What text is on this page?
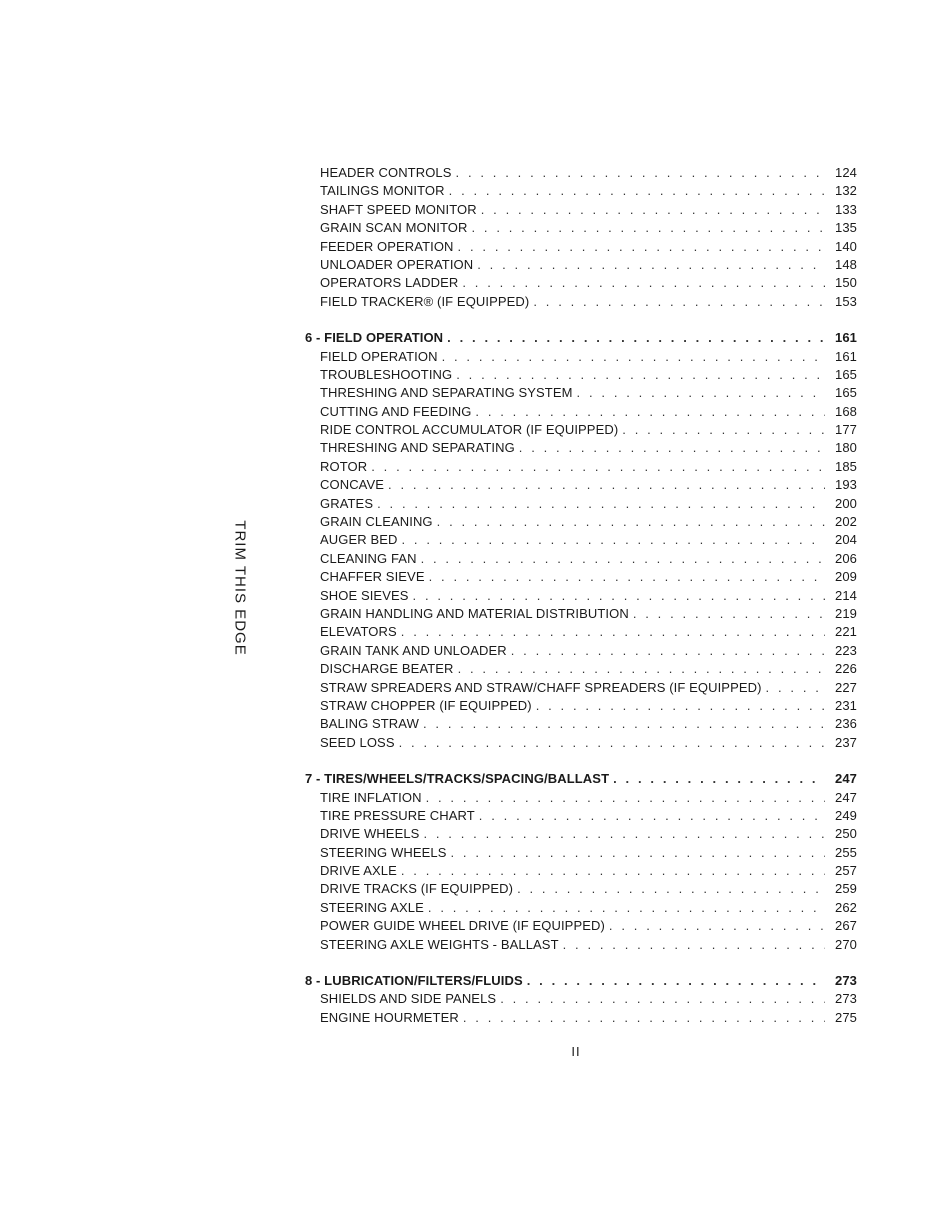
TRIM THIS EDGE
HEADER CONTROLS . . .	124
TAILINGS MONITOR . . .	132
SHAFT SPEED MONITOR . . .	133
GRAIN SCAN MONITOR . . .	135
FEEDER OPERATION . . .	140
UNLOADER OPERATION . . .	148
OPERATORS LADDER . . .	150
FIELD TRACKER® (IF EQUIPPED) . . .	153
6 - FIELD OPERATION . . .	161
FIELD OPERATION . . .	161
TROUBLESHOOTING . . .	165
THRESHING AND SEPARATING SYSTEM . . .	165
CUTTING AND FEEDING . . .	168
RIDE CONTROL ACCUMULATOR (IF EQUIPPED) . . .	177
THRESHING AND SEPARATING . . .	180
ROTOR . . .	185
CONCAVE . . .	193
GRATES . . .	200
GRAIN CLEANING . . .	202
AUGER BED . . .	204
CLEANING FAN . . .	206
CHAFFER SIEVE . . .	209
SHOE SIEVES . . .	214
GRAIN HANDLING AND MATERIAL DISTRIBUTION . . .	219
ELEVATORS . . .	221
GRAIN TANK AND UNLOADER . . .	223
DISCHARGE BEATER . . .	226
STRAW SPREADERS AND STRAW/CHAFF SPREADERS (IF EQUIPPED) . . .	227
STRAW CHOPPER (IF EQUIPPED) . . .	231
BALING STRAW . . .	236
SEED LOSS . . .	237
7 - TIRES/WHEELS/TRACKS/SPACING/BALLAST . . .	247
TIRE INFLATION . . .	247
TIRE PRESSURE CHART . . .	249
DRIVE WHEELS . . .	250
STEERING WHEELS . . .	255
DRIVE AXLE . . .	257
DRIVE TRACKS (IF EQUIPPED) . . .	259
STEERING AXLE . . .	262
POWER GUIDE WHEEL DRIVE (IF EQUIPPED) . . .	267
STEERING AXLE WEIGHTS - BALLAST . . .	270
8 - LUBRICATION/FILTERS/FLUIDS . . .	273
SHIELDS AND SIDE PANELS . . .	273
ENGINE HOURMETER . . .	275
II
